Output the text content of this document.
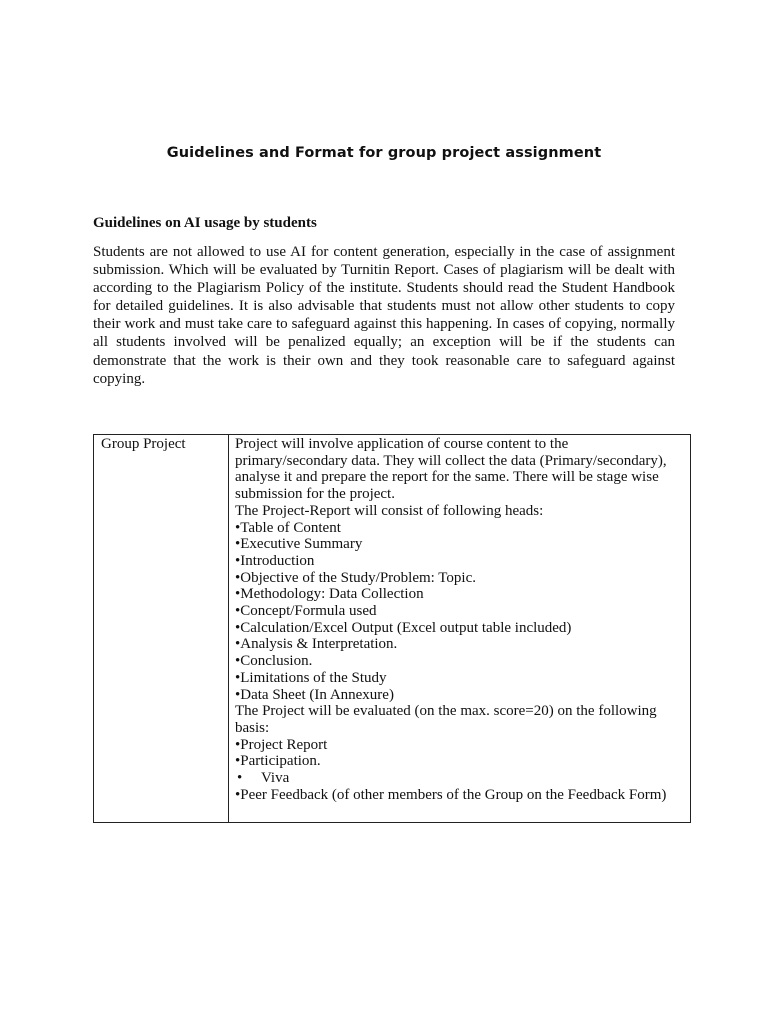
Guidelines and Format for group project assignment
Guidelines on AI usage by students
Students are not allowed to use AI for content generation, especially in the case of assignment submission. Which will be evaluated by Turnitin Report. Cases of plagiarism will be dealt with according to the Plagiarism Policy of the institute. Students should read the Student Handbook for detailed guidelines. It is also advisable that students must not allow other students to copy their work and must take care to safeguard against this happening. In cases of copying, normally all students involved will be penalized equally; an exception will be if the students can demonstrate that the work is their own and they took reasonable care to safeguard against copying.
Group Project	Project will involve application of course content to the
primary/secondary data. They will collect the data (Primary/secondary),
analyse it and prepare the report for the same. There will be stage wise
submission for the project.
The Project-Report will consist of following heads:
• Table of Content
• Executive Summary
• Introduction
• Objective of the Study/Problem: Topic.
• Methodology: Data Collection
• Concept/Formula used
• Calculation/Excel Output (Excel output table included)
• Analysis & Interpretation.
• Conclusion.
• Limitations of the Study
• Data Sheet (In Annexure)
The Project will be evaluated (on the max. score=20) on the following
basis:
• Project Report
• Participation.
• Viva
• Peer Feedback (of other members of the Group on the Feedback Form)
